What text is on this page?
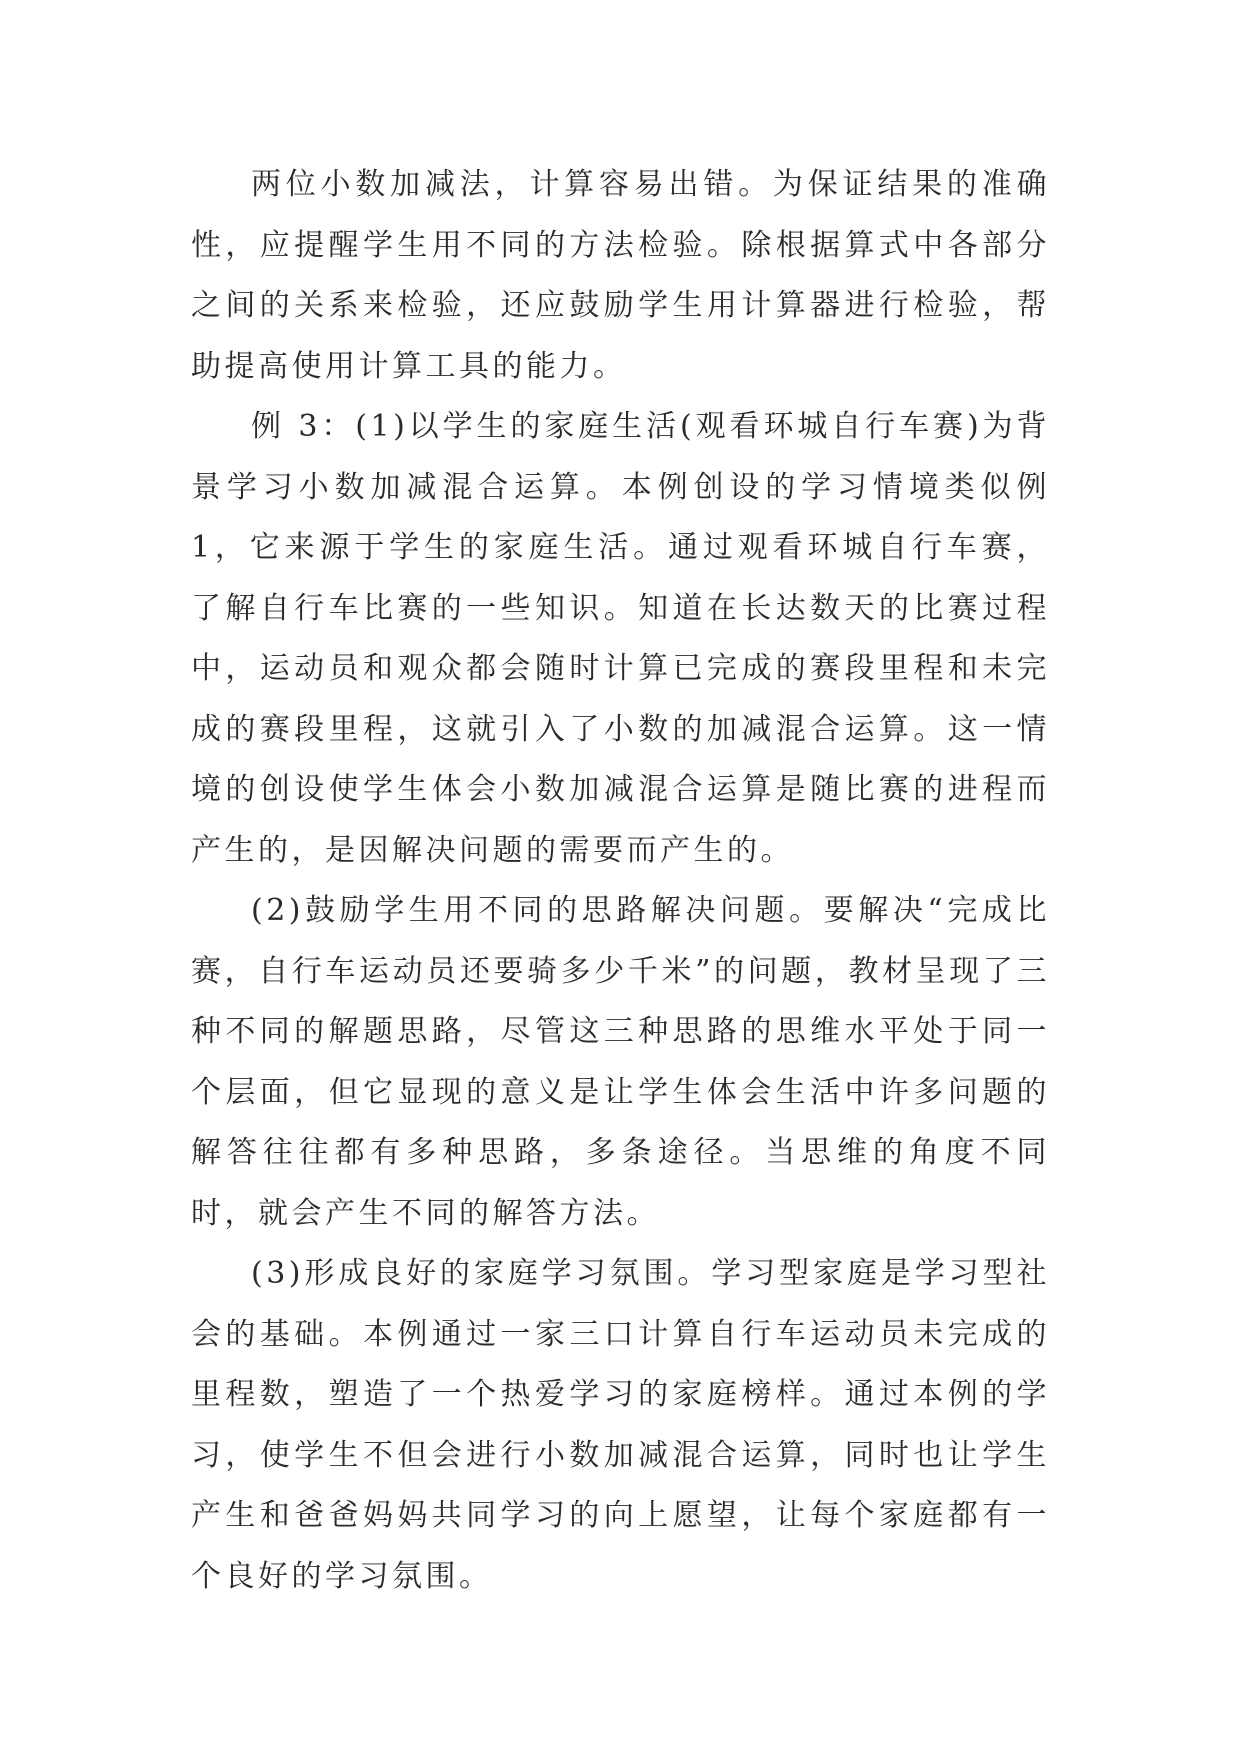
两位小数加减法，计算容易出错。为保证结果的准确性，应提醒学生用不同的方法检验。除根据算式中各部分之间的关系来检验，还应鼓励学生用计算器进行检验，帮助提高使用计算工具的能力。

例 3：(1)以学生的家庭生活(观看环城自行车赛)为背景学习小数加减混合运算。本例创设的学习情境类似例 1，它来源于学生的家庭生活。通过观看环城自行车赛，了解自行车比赛的一些知识。知道在长达数天的比赛过程中，运动员和观众都会随时计算已完成的赛段里程和未完成的赛段里程，这就引入了小数的加减混合运算。这一情境的创设使学生体会小数加减混合运算是随比赛的进程而产生的，是因解决问题的需要而产生的。

(2)鼓励学生用不同的思路解决问题。要解决“完成比赛，自行车运动员还要骑多少千米”的问题，教材呈现了三种不同的解题思路，尽管这三种思路的思维水平处于同一个层面，但它显现的意义是让学生体会生活中许多问题的解答往往都有多种思路，多条途径。当思维的角度不同时，就会产生不同的解答方法。

(3)形成良好的家庭学习氛围。学习型家庭是学习型社会的基础。本例通过一家三口计算自行车运动员未完成的里程数，塑造了一个热爱学习的家庭榜样。通过本例的学习，使学生不但会进行小数加减混合运算，同时也让学生产生和爸爸妈妈共同学习的向上愿望，让每个家庭都有一个良好的学习氛围。
